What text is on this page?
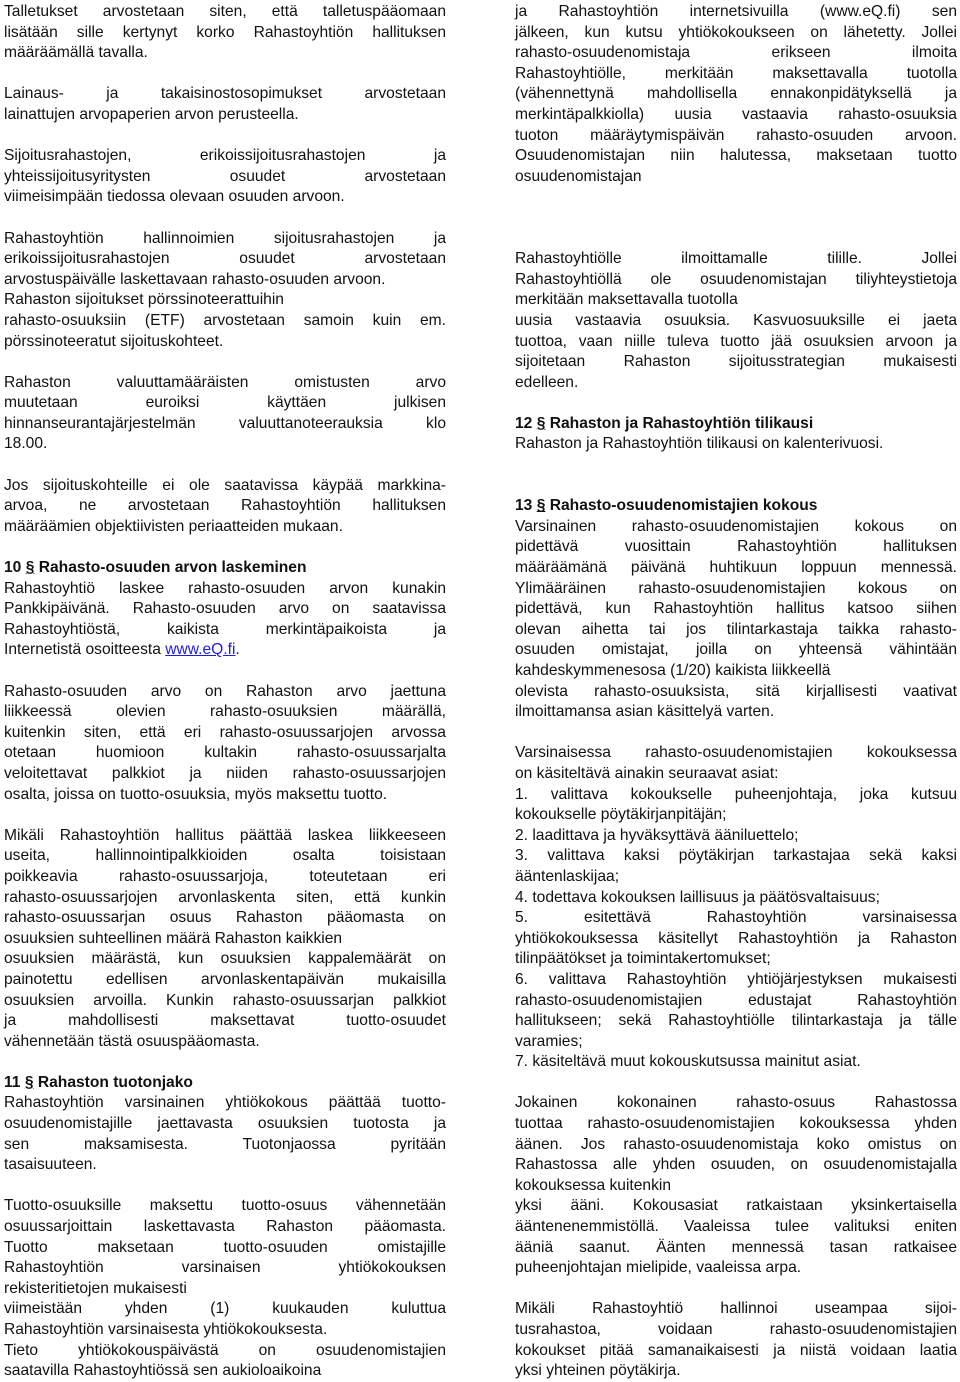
Talletukset arvostetaan siten, että talletuspääomaan
lisätään sille kertynyt korko Rahastoyhtiön hallituksen
määräämällä tavalla.
Lainaus- ja takaisinostosopimukset arvostetaan
lainattujen arvopaperien arvon perusteella.
Sijoitusrahastojen, erikoissijoitusrahastojen ja
yhteissijoitusyritysten osuudet arvostetaan
viimeisimpään tiedossa olevaan osuuden arvoon.
Rahastoyhtiön hallinnoimien sijoitusrahastojen ja
erikoissijoitusrahastojen osuudet arvostetaan
arvostuspäivälle laskettavaan rahasto-osuuden arvoon.
Rahaston sijoitukset pörssinoteerattuihin
rahasto-osuuksiin (ETF) arvostetaan samoin kuin em.
pörssinoteeratut sijoituskohteet.
Rahaston valuuttamääräisten omistusten arvo
muutetaan euroiksi käyttäen julkisen
hinnanseurantajärjestelmän valuuttanoteerauksia klo
18.00.
Jos sijoituskohteille ei ole saatavissa käypää markkina-
arvoa, ne arvostetaan Rahastoyhtiön hallituksen
määräämien objektiivisten periaatteiden mukaan.
10 § Rahasto-osuuden arvon laskeminen
Rahastoyhtiö laskee rahasto-osuuden arvon kunakin
Pankkipäivänä. Rahasto-osuuden arvo on saatavissa
Rahastoyhtiöstä, kaikista merkintäpaikoista ja
Internetistä osoitteesta www.eQ.fi.
Rahasto-osuuden arvo on Rahaston arvo jaettuna
liikkeessä olevien rahasto-osuuksien määrällä,
kuitenkin siten, että eri rahasto-osuussarjojen arvossa
otetaan huomioon kultakin rahasto-osuussarjalta
veloitettavat palkkiot ja niiden rahasto-osuussarjojen
osalta, joissa on tuotto-osuuksia, myös maksettu tuotto.
Mikäli Rahastoyhtiön hallitus päättää laskea liikkeeseen
useita, hallinnointipalkkioiden osalta toisistaan
poikkeavia rahasto-osuussarjoja, toteutetaan eri
rahasto-osuussarjojen arvonlaskenta siten, että kunkin
rahasto-osuussarjan osuus Rahaston pääomasta on
osuuksien suhteellinen määrä Rahaston kaikkien
osuuksien määrästä, kun osuuksien kappalemäärät on
painotettu edellisen arvonlaskentapäivän mukaisilla
osuuksien arvoilla. Kunkin rahasto-osuussarjan palkkiot
ja mahdollisesti maksettavat tuotto-osuudet
vähennetään tästä osuuspääomasta.
11 § Rahaston tuotonjako
Rahastoyhtiön varsinainen yhtiökokous päättää tuotto-
osuudenomistajille jaettavasta osuuksien tuotosta ja
sen maksamisesta. Tuotonjaossa pyritään
tasaisuuteen.
Tuotto-osuuksille maksettu tuotto-osuus vähennetään
osuussarjoittain laskettavasta Rahaston pääomasta.
Tuotto maksetaan tuotto-osuuden omistajille
Rahastoyhtiön varsinaisen yhtiökokouksen
rekisteritietojen mukaisesti
viimeistään yhden (1) kuukauden kuluttua
Rahastoyhtiön varsinaisesta yhtiökokouksesta.
Tieto yhtiökokouspäivästä on osuudenomistajien
saatavilla Rahastoyhtiössä sen aukioloaikoina
ja Rahastoyhtiön internetsivuilla (www.eQ.fi) sen
jälkeen, kun kutsu yhtiökokoukseen on lähetetty. Jollei
rahasto-osuudenomistaja erikseen ilmoita
Rahastoyhtiölle, merkitään maksettavalla tuotolla
(vähennettynä mahdollisella ennakonpidätyksellä ja
merkintäpalkkiolla) uusia vastaavia rahasto-osuuksia
tuoton määräytymispäivän rahasto-osuuden arvoon.
Osuudenomistajan niin halutessa, maksetaan tuotto
osuudenomistajan
Rahastoyhtiölle ilmoittamalle tilille. Jollei
Rahastoyhtiöllä ole osuudenomistajan tiliyhteystietoja
merkitään maksettavalla tuotolla
uusia vastaavia osuuksia. Kasvuosuuksille ei jaeta
tuottoa, vaan niille tuleva tuotto jää osuuksien arvoon ja
sijoitetaan Rahaston sijoitusstrategian mukaisesti
edelleen.
12 § Rahaston ja Rahastoyhtiön tilikausi
Rahaston ja Rahastoyhtiön tilikausi on kalenterivuosi.
13 § Rahasto-osuudenomistajien kokous
Varsinainen rahasto-osuudenomistajien kokous on
pidettävä vuosittain Rahastoyhtiön hallituksen
määräämänä päivänä huhtikuun loppuun mennessä.
Ylimääräinen rahasto-osuudenomistajien kokous on
pidettävä, kun Rahastoyhtiön hallitus katsoo siihen
olevan aihetta tai jos tilintarkastaja taikka rahasto-
osuuden omistajat, joilla on yhteensä vähintään
kahdeskymmenesosa (1/20) kaikista liikkeellä
olevista rahasto-osuuksista, sitä kirjallisesti vaativat
ilmoittamansa asian käsittelyä varten.
Varsinaisessa rahasto-osuudenomistajien kokouksessa
on käsiteltävä ainakin seuraavat asiat:
1. valittava kokoukselle puheenjohtaja, joka kutsuu
kokoukselle pöytäkirjanpitäjän;
2. laadittava ja hyväksyttävä ääniluettelo;
3. valittava kaksi pöytäkirjan tarkastajaa sekä kaksi
ääntenlaskijaa;
4. todettava kokouksen laillisuus ja päätösvaltaisuus;
5. esitettävä Rahastoyhtiön varsinaisessa
yhtiökokouksessa käsitellyt Rahastoyhtiön ja Rahaston
tilinpäätökset ja toimintakertomukset;
6. valittava Rahastoyhtiön yhtiöjärjestyksen mukaisesti
rahasto-osuudenomistajien edustajat Rahastoyhtiön
hallitukseen; sekä Rahastoyhtiölle tilintarkastaja ja tälle
varamies;
7. käsiteltävä muut kokouskutsussa mainitut asiat.
Jokainen kokonainen rahasto-osuus Rahastossa
tuottaa rahasto-osuudenomistajien kokouksessa yhden
äänen. Jos rahasto-osuudenomistaja koko omistus on
Rahastossa alle yhden osuuden, on osuudenomistajalla
kokouksessa kuitenkin
yksi ääni. Kokousasiat ratkaistaan yksinkertaisella
ääntenenemmistöllä. Vaaleissa tulee valituksi eniten
ääniä saanut. Äänten mennessä tasan ratkaisee
puheenjohtajan mielipide, vaaleissa arpa.
Mikäli Rahastoyhtiö hallinnoi useampaa sijoi-
tusrahastoa, voidaan rahasto-osuudenomistajien
kokoukset pitää samanaikaisesti ja niistä voidaan laatia
yksi yhteinen pöytäkirja.
